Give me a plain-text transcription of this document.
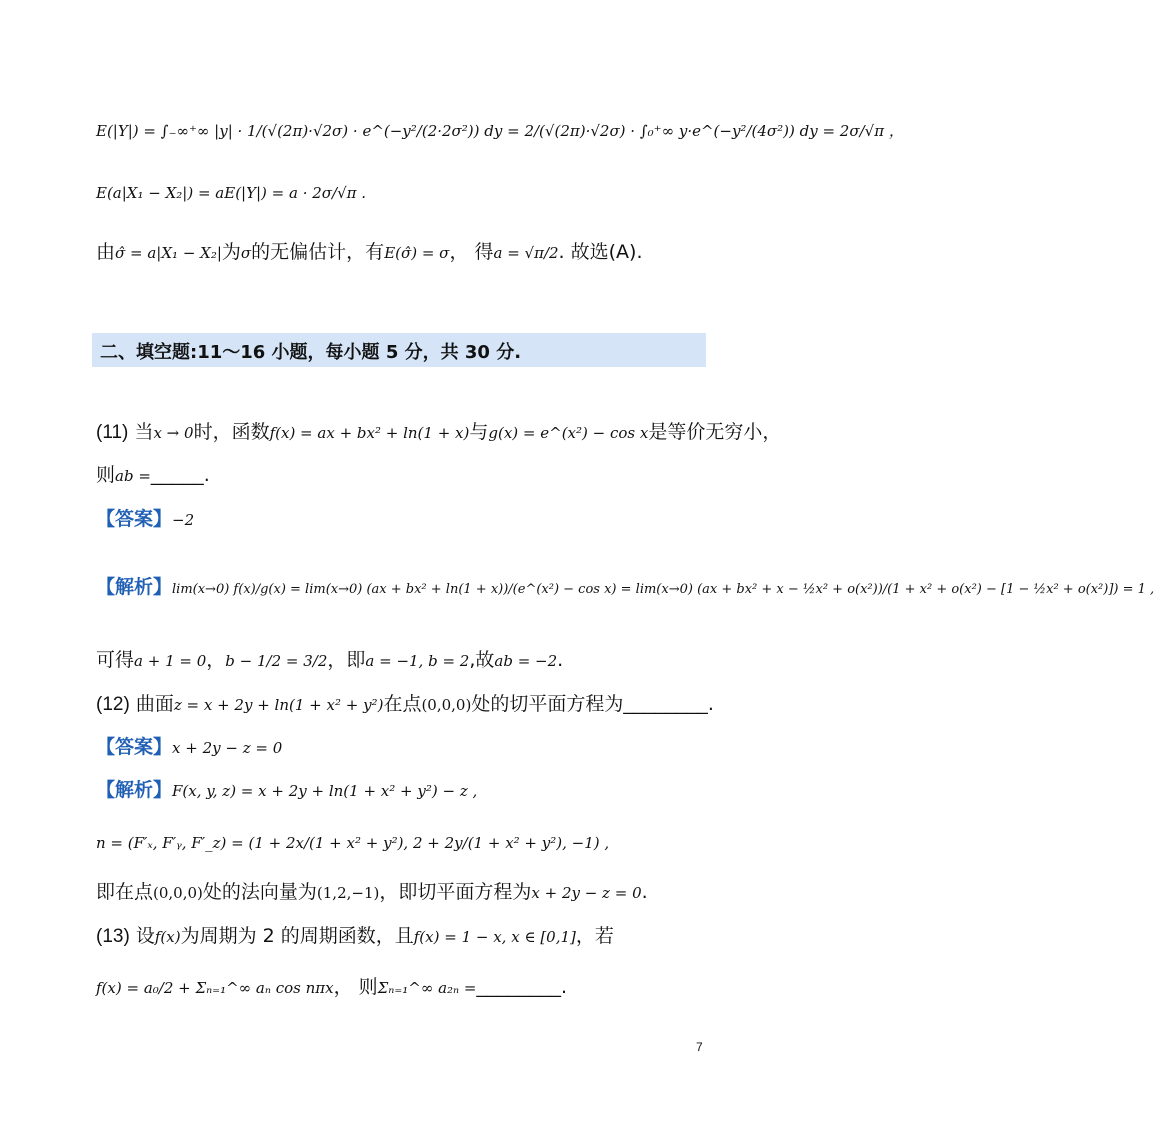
E(|Y|) = ∫₋∞⁺∞ |y| · 1/(√(2π)·√2σ) · e^(−y²/(2·2σ²)) dy = 2/(√(2π)·√2σ) · ∫₀⁺∞ y·e^(−y²/(4σ²)) dy = 2σ/√π ，
E(a|X₁ − X₂|) = aE(|Y|) = a · 2σ/√π .
由σ̂ = a|X₁ − X₂|为σ的无偏估计，有E(σ̂) = σ， 得a = √π/2. 故选(A).
二、填空题:11～16 小题，每小题 5 分，共 30 分.
(11) 当x → 0时，函数f(x) = ax + bx² + ln(1 + x)与g(x) = e^(x²) − cos x是等价无穷小，
则ab =_____.
【答案】−2
【解析】lim(x→0) f(x)/g(x) = lim(x→0) (ax + bx² + ln(1 + x))/(e^(x²) − cos x) = lim(x→0) (ax + bx² + x − ½x² + o(x²))/(1 + x² + o(x²) − [1 − ½x² + o(x²)]) = 1 ,
可得a + 1 = 0，b − 1/2 = 3/2，即a = −1, b = 2,故ab = −2.
(12) 曲面z = x + 2y + ln(1 + x² + y²)在点(0,0,0)处的切平面方程为________.
【答案】x + 2y − z = 0
【解析】F(x, y, z) = x + 2y + ln(1 + x² + y²) − z ,
n = (F′ₓ, F′ᵧ, F′_z) = (1 + 2x/(1 + x² + y²), 2 + 2y/(1 + x² + y²), −1) ,
即在点(0,0,0)处的法向量为(1,2,−1)，即切平面方程为x + 2y − z = 0.
(13) 设f(x)为周期为 2 的周期函数，且f(x) = 1 − x, x ∈ [0,1]，若
f(x) = a₀/2 + Σₙ₌₁^∞ aₙ cos nπx， 则Σₙ₌₁^∞ a₂ₙ =________.
7
